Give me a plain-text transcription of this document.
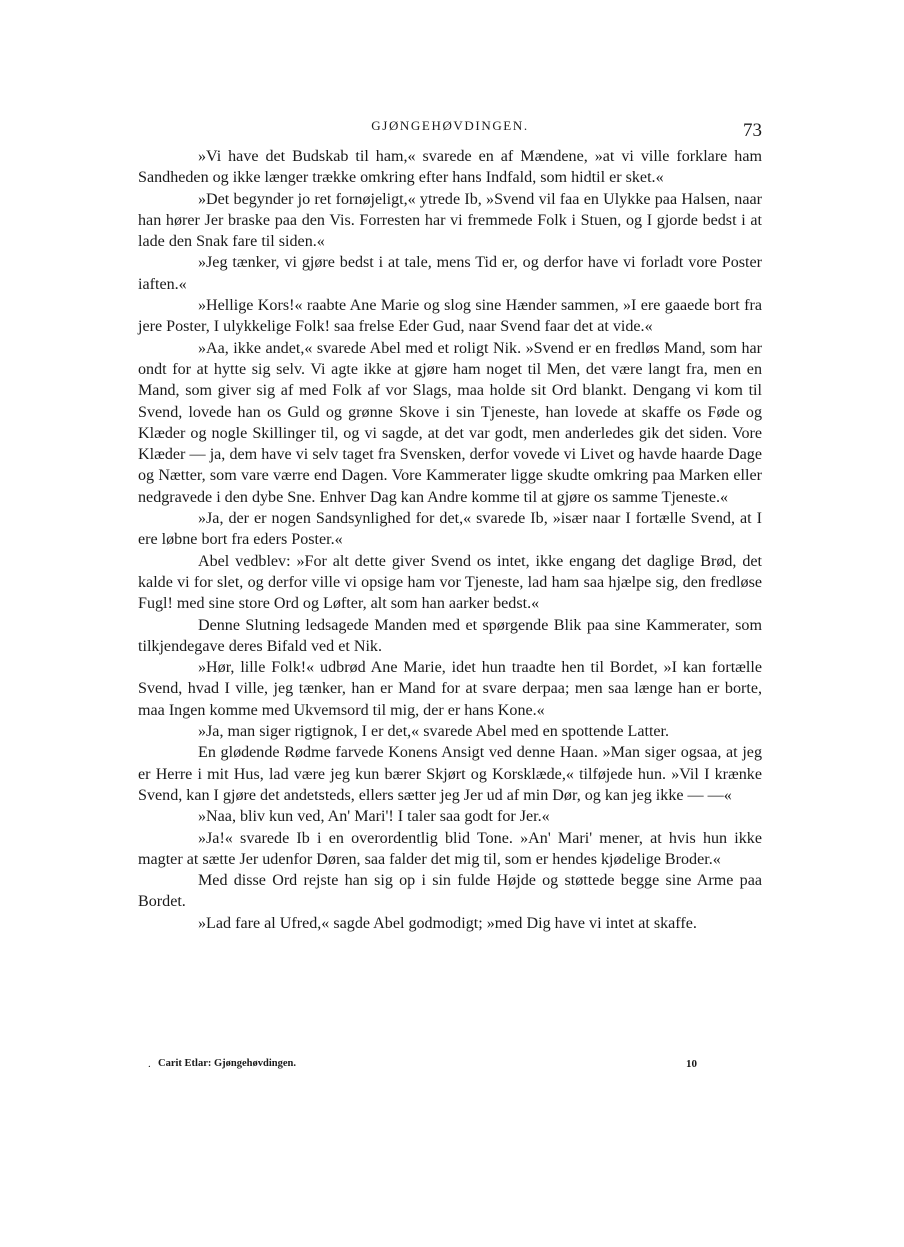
GJØNGEHØVDINGEN.	73

»Vi have det Budskab til ham,« svarede en af Mændene, »at vi ville forklare ham Sandheden og ikke længer trække omkring efter hans Indfald, som hidtil er sket.«

»Det begynder jo ret fornøjeligt,« ytrede Ib, »Svend vil faa en Ulykke paa Halsen, naar han hører Jer braske paa den Vis. Forresten har vi fremmede Folk i Stuen, og I gjorde bedst i at lade den Snak fare til siden.«

»Jeg tænker, vi gjøre bedst i at tale, mens Tid er, og derfor have vi forladt vore Poster iaften.«

»Hellige Kors!« raabte Ane Marie og slog sine Hænder sammen, »I ere gaaede bort fra jere Poster, I ulykkelige Folk! saa frelse Eder Gud, naar Svend faar det at vide.«

»Aa, ikke andet,« svarede Abel med et roligt Nik. »Svend er en fredløs Mand, som har ondt for at hytte sig selv. Vi agte ikke at gjøre ham noget til Men, det være langt fra, men en Mand, som giver sig af med Folk af vor Slags, maa holde sit Ord blankt. Dengang vi kom til Svend, lovede han os Guld og grønne Skove i sin Tjeneste, han lovede at skaffe os Føde og Klæder og nogle Skillinger til, og vi sagde, at det var godt, men anderledes gik det siden. Vore Klæder — ja, dem have vi selv taget fra Svensken, derfor vovede vi Livet og havde haarde Dage og Nætter, som vare værre end Dagen. Vore Kammerater ligge skudte omkring paa Marken eller nedgravede i den dybe Sne. Enhver Dag kan Andre komme til at gjøre os samme Tjeneste.«

»Ja, der er nogen Sandsynlighed for det,« svarede Ib, »især naar I fortælle Svend, at I ere løbne bort fra eders Poster.«

Abel vedblev: »For alt dette giver Svend os intet, ikke engang det daglige Brød, det kalde vi for slet, og derfor ville vi opsige ham vor Tjeneste, lad ham saa hjælpe sig, den fredløse Fugl! med sine store Ord og Løfter, alt som han aarker bedst.«

Denne Slutning ledsagede Manden med et spørgende Blik paa sine Kammerater, som tilkjendegave deres Bifald ved et Nik.

»Hør, lille Folk!« udbrød Ane Marie, idet hun traadte hen til Bordet, »I kan fortælle Svend, hvad I ville, jeg tænker, han er Mand for at svare derpaa; men saa længe han er borte, maa Ingen komme med Ukvemsord til mig, der er hans Kone.«

»Ja, man siger rigtignok, I er det,« svarede Abel med en spottende Latter.

En glødende Rødme farvede Konens Ansigt ved denne Haan. »Man siger ogsaa, at jeg er Herre i mit Hus, lad være jeg kun bærer Skjørt og Korsklæde,« tilføjede hun. »Vil I krænke Svend, kan I gjøre det andetsteds, ellers sætter jeg Jer ud af min Dør, og kan jeg ikke — —«

»Naa, bliv kun ved, An' Mari'! I taler saa godt for Jer.«

»Ja!« svarede Ib i en overordentlig blid Tone. »An' Mari' mener, at hvis hun ikke magter at sætte Jer udenfor Døren, saa falder det mig til, som er hendes kjødelige Broder.«

Med disse Ord rejste han sig op i sin fulde Højde og støttede begge sine Arme paa Bordet.

»Lad fare al Ufred,« sagde Abel godmodigt; »med Dig have vi intet at skaffe.

. Carit Etlar: Gjøngehøvdingen.	10
